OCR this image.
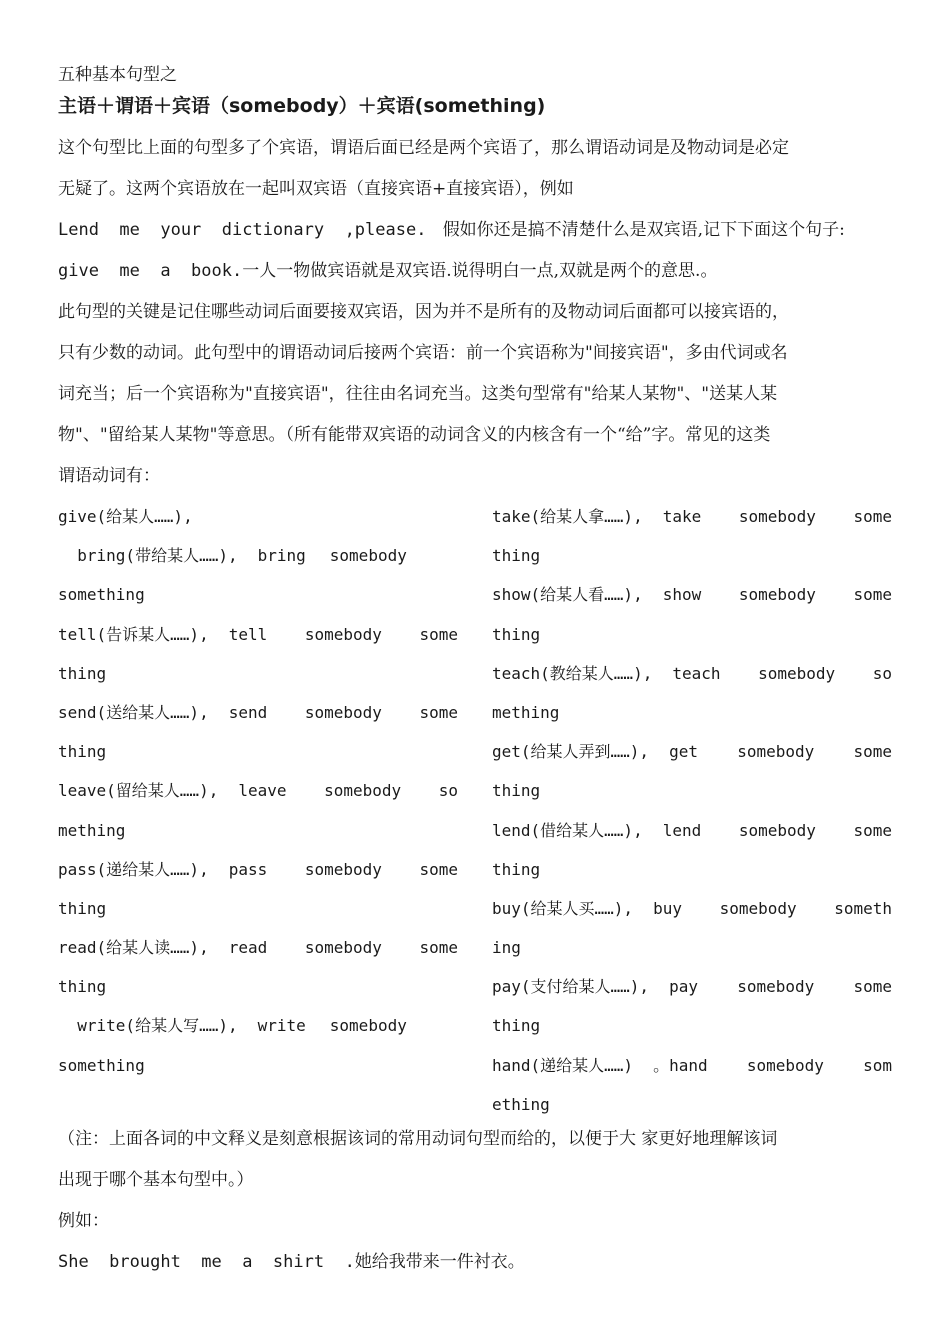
五种基本句型之
主语＋谓语＋宾语（somebody）＋宾语(something)
这个句型比上面的句型多了个宾语，谓语后面已经是两个宾语了，那么谓语动词是及物动词是必定
无疑了。这两个宾语放在一起叫双宾语（直接宾语+直接宾语），例如
Lend  me  your  dictionary  ,please. 假如你还是搞不清楚什么是双宾语,记下下面这个句子:
give  me  a  book.一人一物做宾语就是双宾语.说得明白一点,双就是两个的意思.。
此句型的关键是记住哪些动词后面要接双宾语，因为并不是所有的及物动词后面都可以接宾语的，
只有少数的动词。此句型中的谓语动词后接两个宾语：前一个宾语称为"间接宾语"，多由代词或名
词充当；后一个宾语称为"直接宾语"，往往由名词充当。这类句型常有"给某人某物"、"送某人某
物"、"留给某人某物"等意思。（所有能带双宾语的动词含义的内核含有一个“给”字。常见的这类
谓语动词有：
give(给某人……),
bring(带给某人……), bring somebody
something
tell(告诉某人……), tell somebody some
thing
send(送给某人……), send somebody some
thing
leave(留给某人……), leave somebody so
mething
pass(递给某人……), pass somebody some
thing
read(给某人读……), read somebody some
thing
write(给某人写……), write somebody
something
take(给某人拿……), take somebody some
thing
show(给某人看……), show somebody some
thing
teach(教给某人……), teach somebody so
mething
get(给某人弄到……), get somebody some
thing
lend(借给某人……), lend somebody some
thing
buy(给某人买……), buy somebody someth
ing
pay(支付给某人……), pay somebody some
thing
hand(递给某人……) 。hand somebody som
ething
（注：上面各词的中文释义是刻意根据该词的常用动词句型而给的，以便于大 家更好地理解该词
出现于哪个基本句型中。）
例如：
She  brought  me  a  shirt  .她给我带来一件衬衣。
